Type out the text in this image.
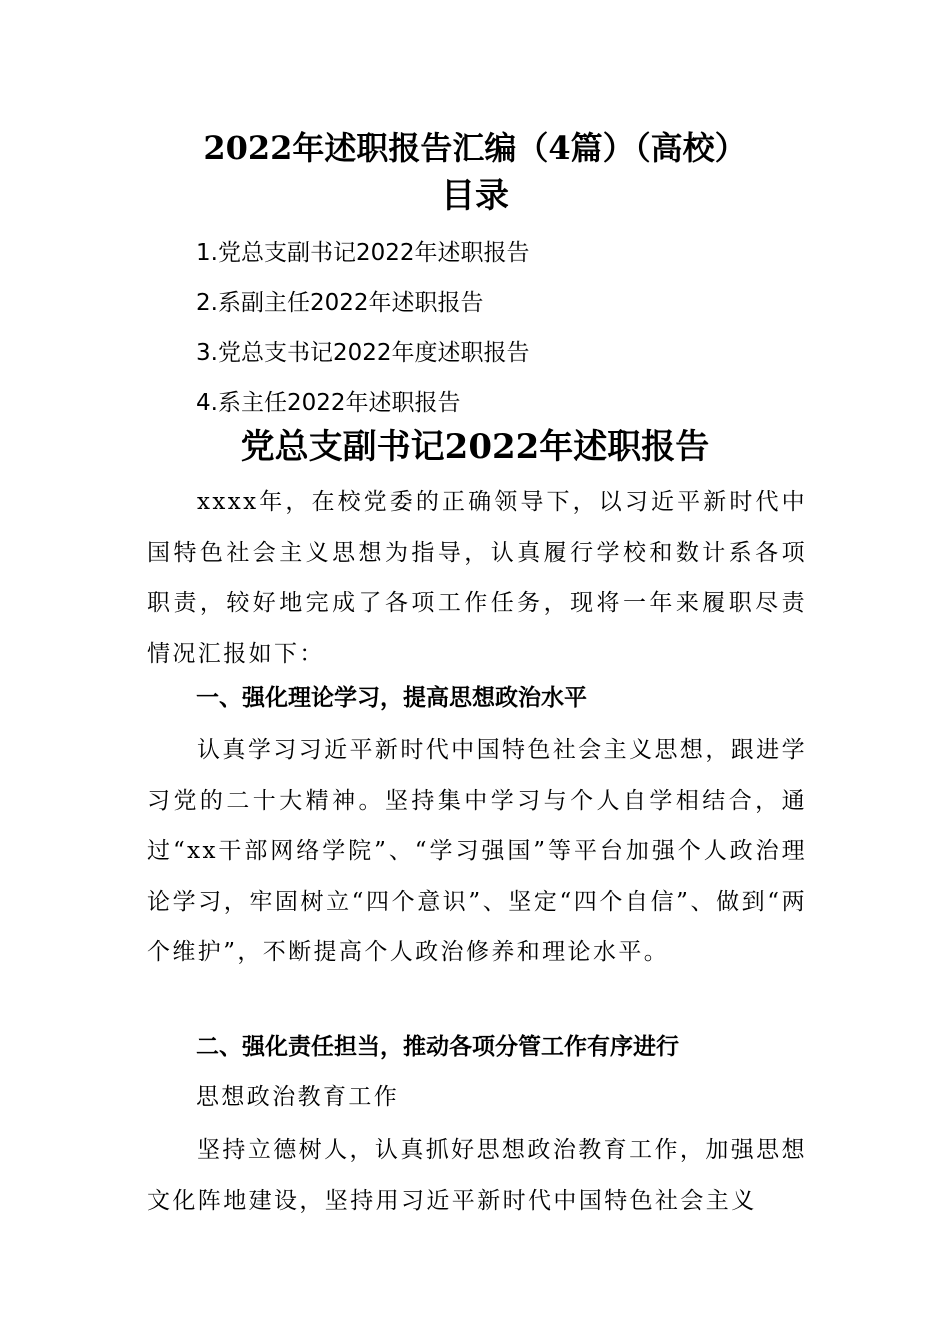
2022年述职报告汇编（4篇）（高校）
目录
1.党总支副书记2022年述职报告
2.系副主任2022年述职报告
3.党总支书记2022年度述职报告
4.系主任2022年述职报告
党总支副书记2022年述职报告
xxxx年，在校党委的正确领导下，以习近平新时代中国特色社会主义思想为指导，认真履行学校和数计系各项职责，较好地完成了各项工作任务，现将一年来履职尽责情况汇报如下：
一、强化理论学习，提高思想政治水平
认真学习习近平新时代中国特色社会主义思想，跟进学习党的二十大精神。坚持集中学习与个人自学相结合，通过“xx干部网络学院”、“学习强国”等平台加强个人政治理论学习，牢固树立“四个意识”、坚定“四个自信”、做到“两个维护”，不断提高个人政治修养和理论水平。
二、强化责任担当，推动各项分管工作有序进行
思想政治教育工作
坚持立德树人，认真抓好思想政治教育工作，加强思想文化阵地建设，坚持用习近平新时代中国特色社会主义
